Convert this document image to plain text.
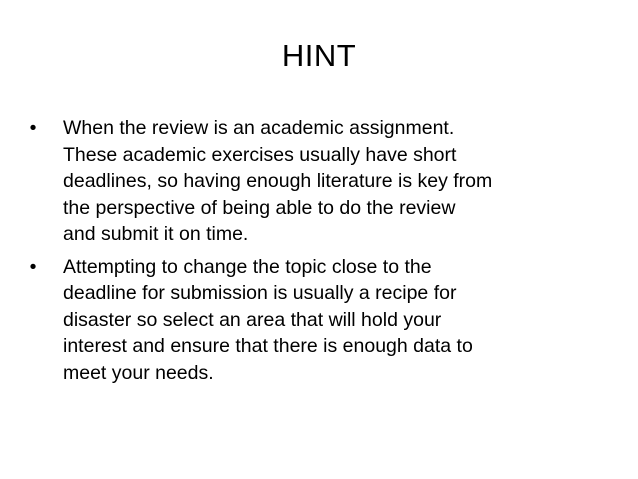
HINT
• When the review is an academic assignment.
These academic exercises usually have short
deadlines, so having enough literature is key from
the perspective of being able to do the review
and submit it on time.
• Attempting to change the topic close to the
deadline for submission is usually a recipe for
disaster so select an area that will hold your
interest and ensure that there is enough data to
meet your needs.
